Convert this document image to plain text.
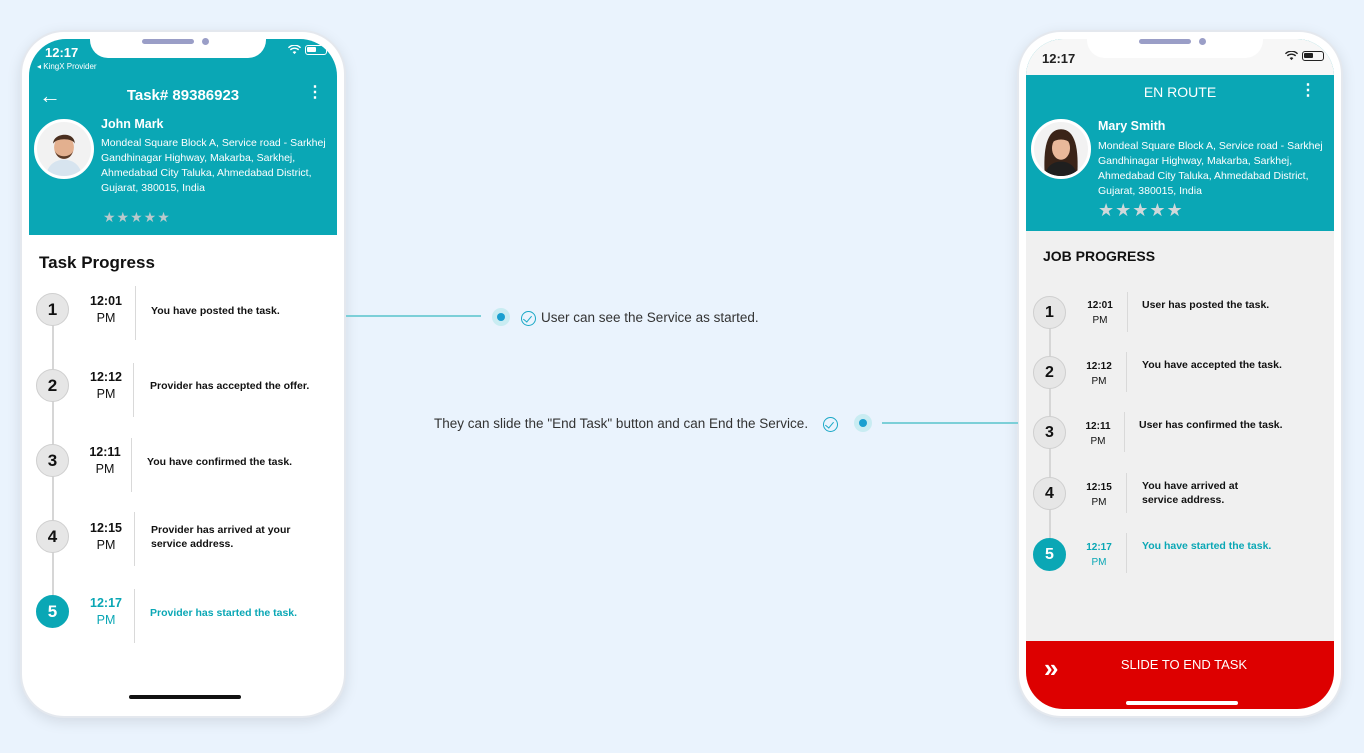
12:17
◂ KingX Provider
←	Task# 89386923	⋮
John Mark
Mondeal Square Block A, Service road - Sarkhej Gandhinagar Highway, Makarba, Sarkhej, Ahmedabad City Taluka, Ahmedabad District, Gujarat, 380015, India
★★★★★
Task Progress
1	12:01
PM	You have posted the task.
2	12:12
PM
Provider has accepted the offer.
3	12:11
PM	You have confirmed the task.
4	12:15
PM
Provider has arrived at your service address.
5	12:17
PM	Provider has started the task.
12:17
EN ROUTE	⋮
Mary Smith
Mondeal Square Block A, Service road - Sarkhej Gandhinagar Highway, Makarba, Sarkhej, Ahmedabad City Taluka, Ahmedabad District, Gujarat, 380015, India
★★★★★
JOB PROGRESS
1	12:01
PM
User has posted the task.
2	12:12
PM
You have accepted the task.
3	12:11
PM
User has confirmed the task.
4	12:15
PM
You have arrived at service address.
5	12:17
PM
You have started the task.
»	SLIDE TO END TASK
User can see the Service as started.
They can slide the "End Task" button and can End the Service.
